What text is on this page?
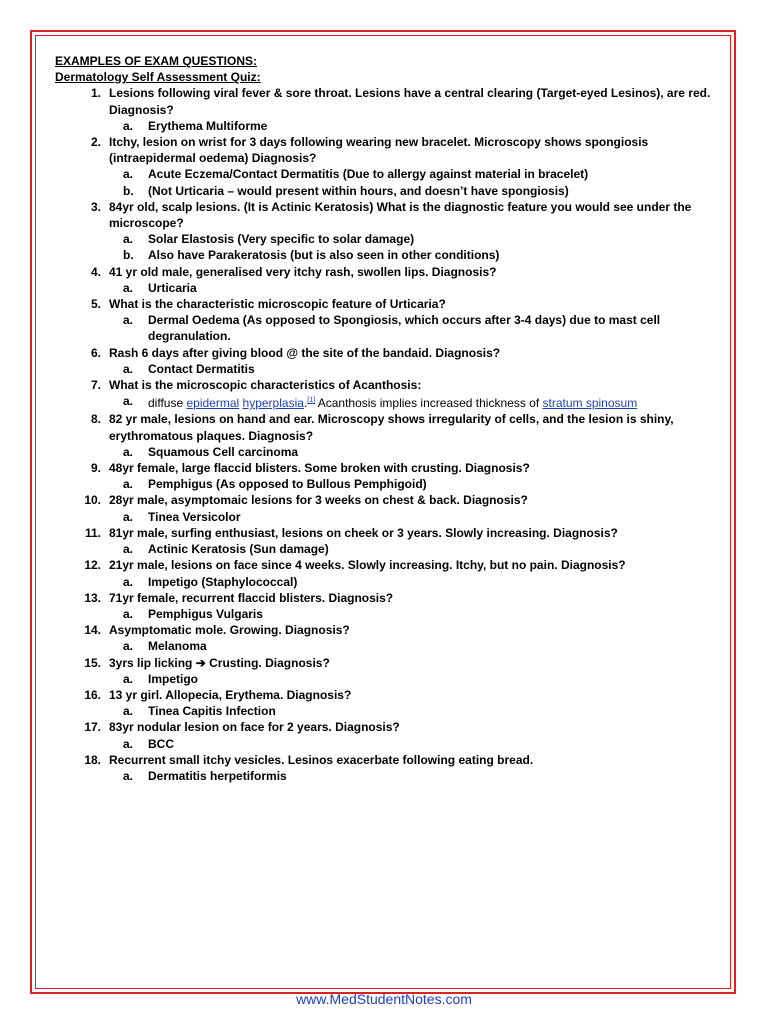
EXAMPLES OF EXAM QUESTIONS:
Dermatology Self Assessment Quiz:
1. Lesions following viral fever & sore throat. Lesions have a central clearing (Target-eyed Lesinos), are red. Diagnosis?
a.	Erythema Multiforme
2. Itchy, lesion on wrist for 3 days following wearing new bracelet. Microscopy shows spongiosis (intraepidermal oedema) Diagnosis?
a.	Acute Eczema/Contact Dermatitis (Due to allergy against material in bracelet)
b.	(Not Urticaria – would present within hours, and doesn’t have spongiosis)
3. 84yr old, scalp lesions. (It is Actinic Keratosis) What is the diagnostic feature you would see under the microscope?
a.	Solar Elastosis (Very specific to solar damage)
b.	Also have Parakeratosis (but is also seen in other conditions)
4. 41 yr old male, generalised very itchy rash, swollen lips. Diagnosis?
a.	Urticaria
5. What is the characteristic microscopic feature of Urticaria?
a.	Dermal Oedema (As opposed to Spongiosis, which occurs after 3-4 days) due to mast cell degranulation.
6. Rash 6 days after giving blood @ the site of the bandaid. Diagnosis?
a.	Contact Dermatitis
7. What is the microscopic characteristics of Acanthosis:
a.	diffuse epidermal hyperplasia.[1] Acanthosis implies increased thickness of stratum spinosum
8. 82 yr male, lesions on hand and ear. Microscopy shows irregularity of cells, and the lesion is shiny, erythromatous plaques. Diagnosis?
a.	Squamous Cell carcinoma
9. 48yr female, large flaccid blisters. Some broken with crusting. Diagnosis?
a.	Pemphigus (As opposed to Bullous Pemphigoid)
10. 28yr male, asymptomaic lesions for 3 weeks on chest & back. Diagnosis?
a.	Tinea Versicolor
11. 81yr male, surfing enthusiast, lesions on cheek or 3 years. Slowly increasing. Diagnosis?
a.	Actinic Keratosis (Sun damage)
12. 21yr male, lesions on face since 4 weeks. Slowly increasing. Itchy, but no pain. Diagnosis?
a.	Impetigo (Staphylococcal)
13. 71yr female, recurrent flaccid blisters. Diagnosis?
a.	Pemphigus Vulgaris
14. Asymptomatic mole. Growing. Diagnosis?
a.	Melanoma
15. 3yrs lip licking ➔ Crusting. Diagnosis?
a.	Impetigo
16. 13 yr girl. Allopecia, Erythema. Diagnosis?
a.	Tinea Capitis Infection
17. 83yr nodular lesion on face for 2 years. Diagnosis?
a.	BCC
18. Recurrent small itchy vesicles. Lesinos exacerbate following eating bread.
a.	Dermatitis herpetiformis
www.MedStudentNotes.com
